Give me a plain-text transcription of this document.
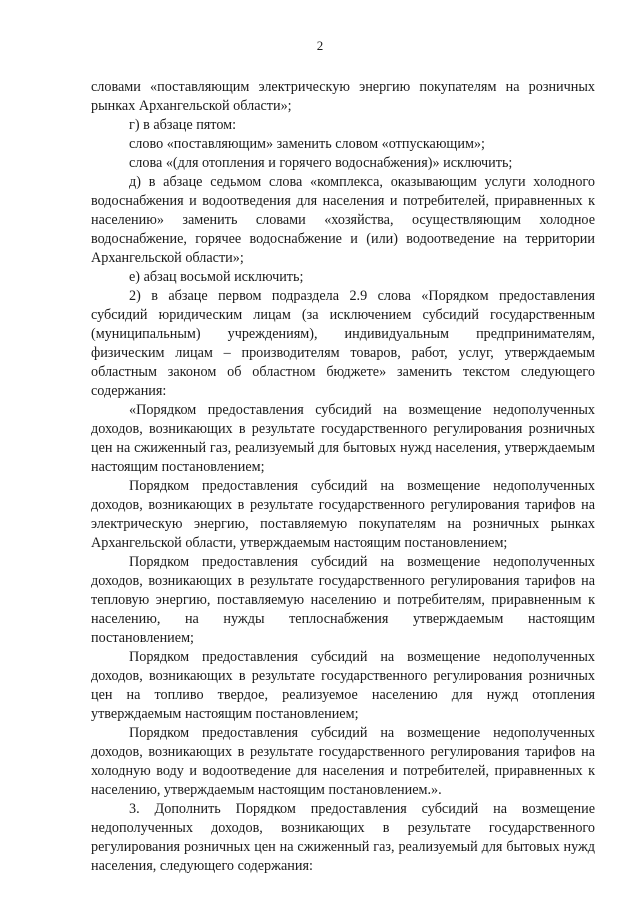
2

словами «поставляющим электрическую энергию покупателям на розничных рынках Архангельской области»;

г) в абзаце пятом:

слово «поставляющим» заменить словом «отпускающим»;

слова «(для отопления и горячего водоснабжения)» исключить;

д) в абзаце седьмом слова «комплекса, оказывающим услуги холодного водоснабжения и водоотведения для населения и потребителей, приравненных к населению» заменить словами «хозяйства, осуществляющим холодное водоснабжение, горячее водоснабжение и (или) водоотведение на территории Архангельской области»;

е) абзац восьмой исключить;

2) в абзаце первом подраздела 2.9 слова «Порядком предоставления субсидий юридическим лицам (за исключением субсидий государственным (муниципальным) учреждениям), индивидуальным предпринимателям, физическим лицам – производителям товаров, работ, услуг, утверждаемым областным законом об областном бюджете» заменить текстом следующего содержания:

«Порядком предоставления субсидий на возмещение недополученных доходов, возникающих в результате государственного регулирования розничных цен на сжиженный газ, реализуемый для бытовых нужд населения, утверждаемым настоящим постановлением;

Порядком предоставления субсидий на возмещение недополученных доходов, возникающих в результате государственного регулирования тарифов на электрическую энергию, поставляемую покупателям на розничных рынках Архангельской области, утверждаемым настоящим постановлением;

Порядком предоставления субсидий на возмещение недополученных доходов, возникающих в результате государственного регулирования тарифов на тепловую энергию, поставляемую населению и потребителям, приравненным к населению, на нужды теплоснабжения утверждаемым настоящим постановлением;

Порядком предоставления субсидий на возмещение недополученных доходов, возникающих в результате государственного регулирования розничных цен на топливо твердое, реализуемое населению для нужд отопления утверждаемым настоящим постановлением;

Порядком предоставления субсидий на возмещение недополученных доходов, возникающих в результате государственного регулирования тарифов на холодную воду и водоотведение для населения и потребителей, приравненных к населению, утверждаемым настоящим постановлением.».

3. Дополнить Порядком предоставления субсидий на возмещение недополученных доходов, возникающих в результате государственного регулирования розничных цен на сжиженный газ, реализуемый для бытовых нужд населения, следующего содержания:
